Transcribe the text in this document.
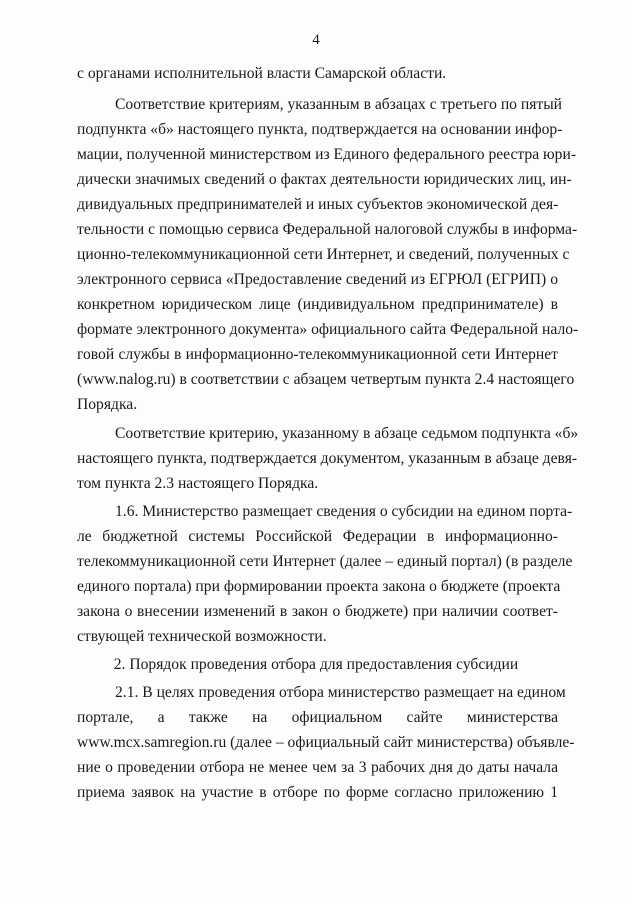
4
с органами исполнительной власти Самарской области.
Соответствие критериям, указанным в абзацах с третьего по пятый
подпункта «б» настоящего пункта, подтверждается на основании инфор-
мации, полученной министерством из Единого федерального реестра юри-
дически значимых сведений о фактах деятельности юридических лиц, ин-
дивидуальных предпринимателей и иных субъектов экономической дея-
тельности с помощью сервиса Федеральной налоговой службы в информа-
ционно-телекоммуникационной сети Интернет, и сведений, полученных с
электронного сервиса «Предоставление сведений из ЕГРЮЛ (ЕГРИП) о
конкретном юридическом лице (индивидуальном предпринимателе) в
формате электронного документа» официального сайта Федеральной нало-
говой службы в информационно-телекоммуникационной сети Интернет
(www.nalog.ru) в соответствии с абзацем четвертым пункта 2.4 настоящего
Порядка.
Соответствие критерию, указанному в абзаце седьмом подпункта «б»
настоящего пункта, подтверждается документом, указанным в абзаце девя-
том пункта 2.3 настоящего Порядка.
1.6. Министерство размещает сведения о субсидии на едином порта-
ле бюджетной системы Российской Федерации в информационно-
телекоммуникационной сети Интернет (далее – единый портал) (в разделе
единого портала) при формировании проекта закона о бюджете (проекта
закона о внесении изменений в закон о бюджете) при наличии соответ-
ствующей технической возможности.
2. Порядок проведения отбора для предоставления субсидии
2.1. В целях проведения отбора министерство размещает на едином
портале, а также на официальном сайте министерства
www.mcx.samregion.ru (далее – официальный сайт министерства) объявле-
ние о проведении отбора не менее чем за 3 рабочих дня до даты начала
приема заявок на участие в отборе по форме согласно приложению 1
